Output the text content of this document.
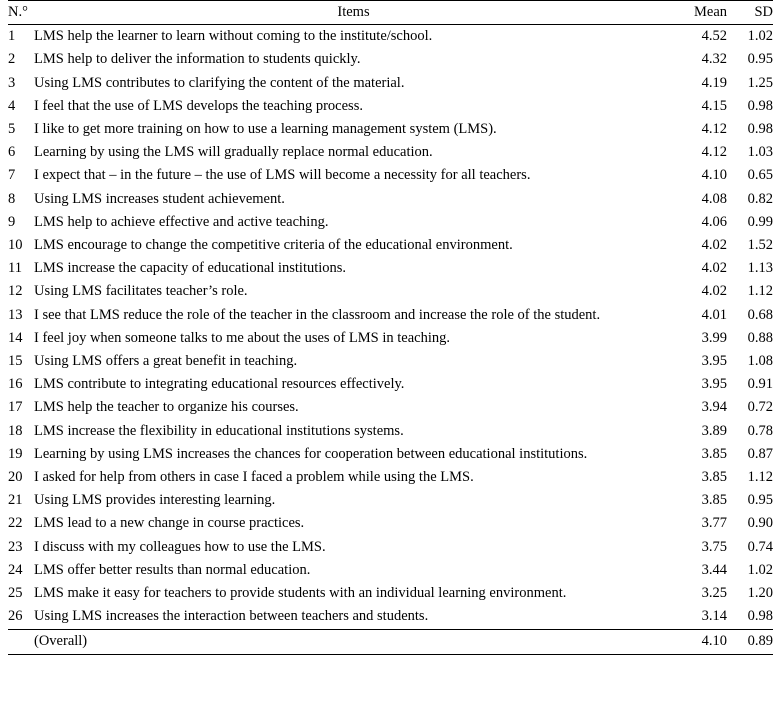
N.°	Items	Mean	SD
1	LMS help the learner to learn without coming to the institute/school.	4.52	1.02
2	LMS help to deliver the information to students quickly.	4.32	0.95
3	Using LMS contributes to clarifying the content of the material.	4.19	1.25
4	I feel that the use of LMS develops the teaching process.	4.15	0.98
5	I like to get more training on how to use a learning management system (LMS).	4.12	0.98
6	Learning by using the LMS will gradually replace normal education.	4.12	1.03
7	I expect that – in the future – the use of LMS will become a necessity for all teachers.	4.10	0.65
8	Using LMS increases student achievement.	4.08	0.82
9	LMS help to achieve effective and active teaching.	4.06	0.99
10	LMS encourage to change the competitive criteria of the educational environment.	4.02	1.52
11	LMS increase the capacity of educational institutions.	4.02	1.13
12	Using LMS facilitates teacher’s role.	4.02	1.12
13	I see that LMS reduce the role of the teacher in the classroom and increase the role of the student.	4.01	0.68
14	I feel joy when someone talks to me about the uses of LMS in teaching.	3.99	0.88
15	Using LMS offers a great benefit in teaching.	3.95	1.08
16	LMS contribute to integrating educational resources effectively.	3.95	0.91
17	LMS help the teacher to organize his courses.	3.94	0.72
18	LMS increase the flexibility in educational institutions systems.	3.89	0.78
19	Learning by using LMS increases the chances for cooperation between educational institutions.	3.85	0.87
20	I asked for help from others in case I faced a problem while using the LMS.	3.85	1.12
21	Using LMS provides interesting learning.	3.85	0.95
22	LMS lead to a new change in course practices.	3.77	0.90
23	I discuss with my colleagues how to use the LMS.	3.75	0.74
24	LMS offer better results than normal education.	3.44	1.02
25	LMS make it easy for teachers to provide students with an individual learning environment.	3.25	1.20
26	Using LMS increases the interaction between teachers and students.	3.14	0.98
	(Overall)	4.10	0.89
